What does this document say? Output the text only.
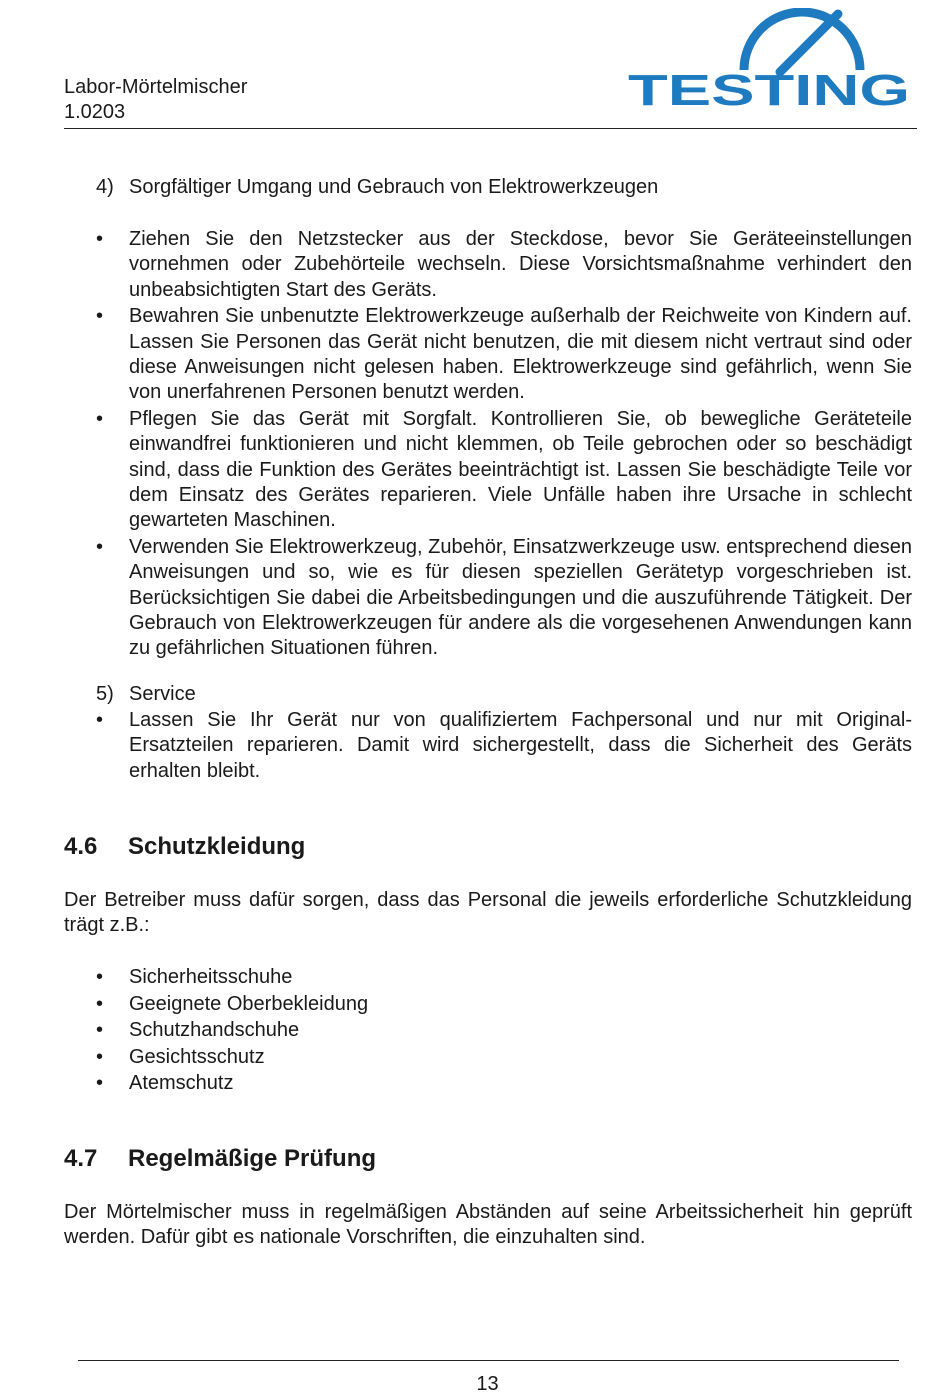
Labor-Mörtelmischer
1.0203	TESTING
4) Sorgfältiger Umgang und Gebrauch von Elektrowerkzeugen
• Ziehen Sie den Netzstecker aus der Steckdose, bevor Sie Geräteeinstellungen vornehmen oder Zubehörteile wechseln. Diese Vorsichtsmaßnahme verhindert den unbeabsichtigten Start des Geräts.
• Bewahren Sie unbenutzte Elektrowerkzeuge außerhalb der Reichweite von Kindern auf. Lassen Sie Personen das Gerät nicht benutzen, die mit diesem nicht vertraut sind oder diese Anweisungen nicht gelesen haben. Elektrowerkzeuge sind gefährlich, wenn Sie von unerfahrenen Personen benutzt werden.
• Pflegen Sie das Gerät mit Sorgfalt. Kontrollieren Sie, ob bewegliche Geräteteile einwandfrei funktionieren und nicht klemmen, ob Teile gebrochen oder so beschädigt sind, dass die Funktion des Gerätes beeinträchtigt ist. Lassen Sie beschädigte Teile vor dem Einsatz des Gerätes reparieren. Viele Unfälle haben ihre Ursache in schlecht gewarteten Maschinen.
• Verwenden Sie Elektrowerkzeug, Zubehör, Einsatzwerkzeuge usw. entsprechend diesen Anweisungen und so, wie es für diesen speziellen Gerätetyp vorgeschrieben ist. Berücksichtigen Sie dabei die Arbeitsbedingungen und die auszuführende Tätigkeit. Der Gebrauch von Elektrowerkzeugen für andere als die vorgesehenen Anwendungen kann zu gefährlichen Situationen führen.
5) Service
• Lassen Sie Ihr Gerät nur von qualifiziertem Fachpersonal und nur mit Original-Ersatzteilen reparieren. Damit wird sichergestellt, dass die Sicherheit des Geräts erhalten bleibt.
4.6 Schutzkleidung
Der Betreiber muss dafür sorgen, dass das Personal die jeweils erforderliche Schutzkleidung trägt z.B.:
• Sicherheitsschuhe
• Geeignete Oberbekleidung
• Schutzhandschuhe
• Gesichtsschutz
• Atemschutz
4.7 Regelmäßige Prüfung
Der Mörtelmischer muss in regelmäßigen Abständen auf seine Arbeitssicherheit hin geprüft werden. Dafür gibt es nationale Vorschriften, die einzuhalten sind.
13
